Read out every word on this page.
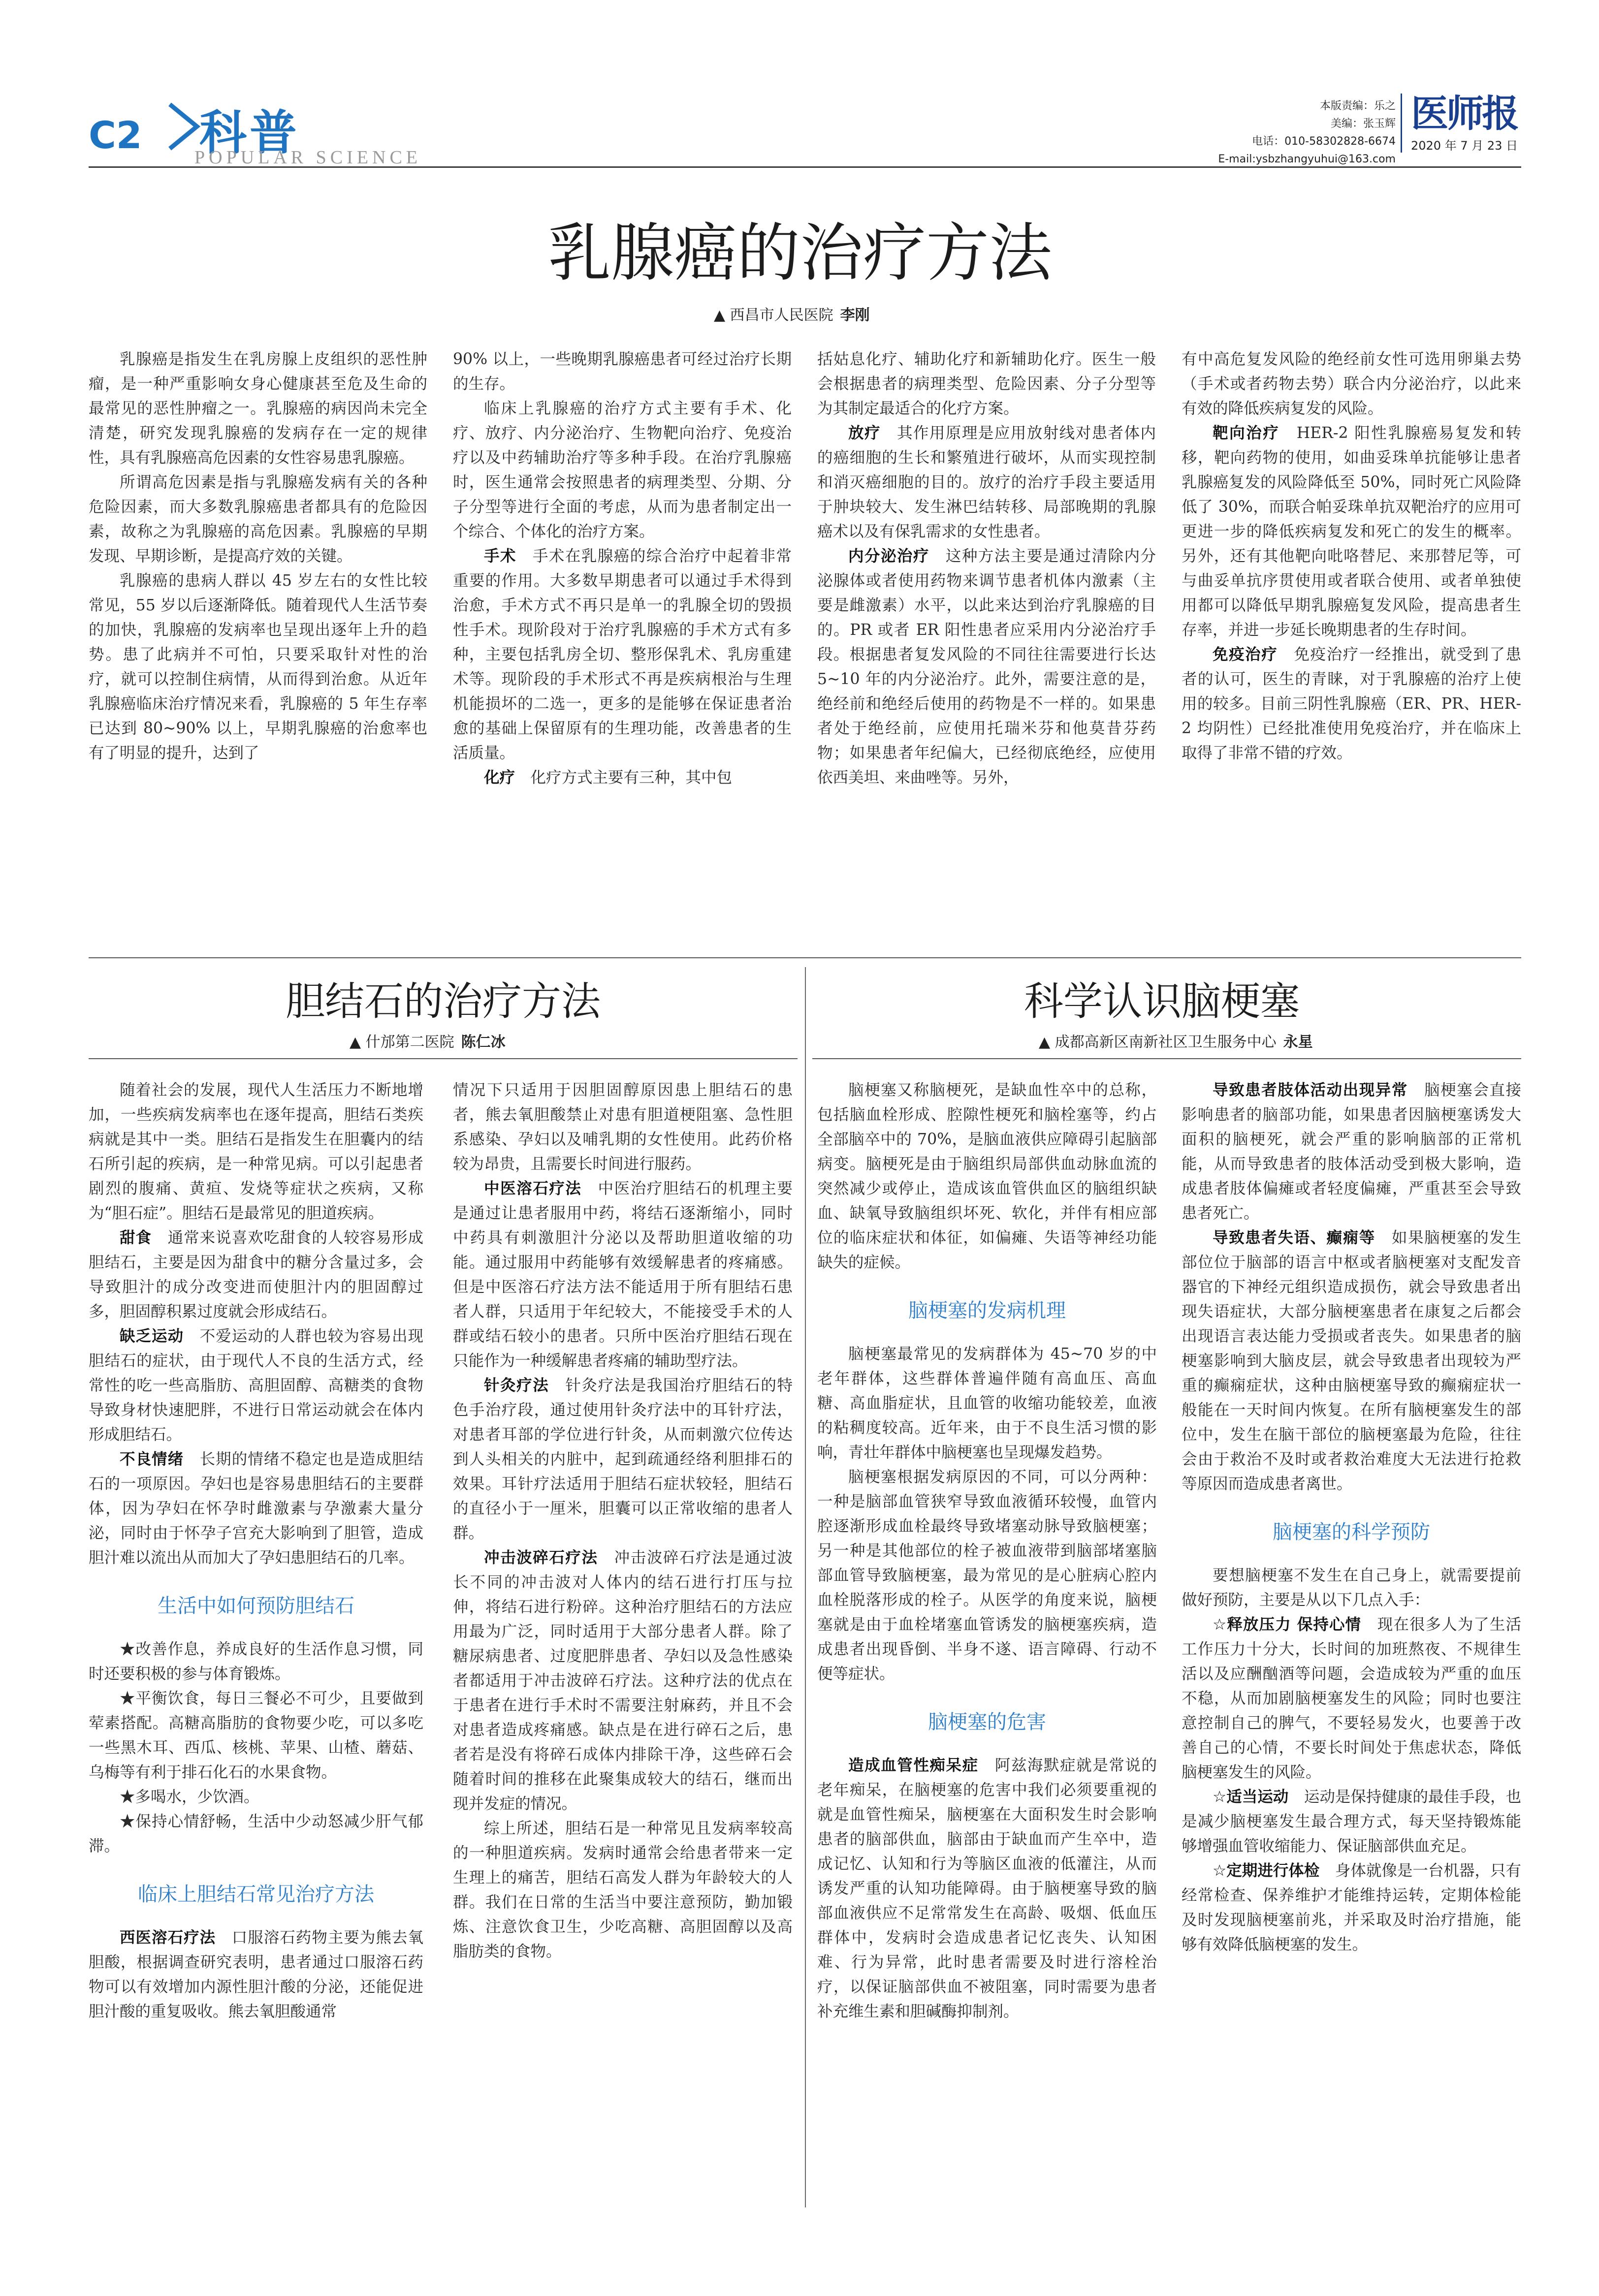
C2 科普
POPULAR SCIENCE
本版责编：乐之
美编：张玉辉
电话：010-58302828-6674
E-mail:ysbzhangyuhui@163.com
医师报
2020 年 7 月 23 日
乳腺癌的治疗方法
▲ 西昌市人民医院 李刚

乳腺癌是指发生在乳房腺上皮组织的恶性肿瘤，是一种严重影响女身心健康甚至危及生命的最常见的恶性肿瘤之一。乳腺癌的病因尚未完全清楚，研究发现乳腺癌的发病存在一定的规律性，具有乳腺癌高危因素的女性容易患乳腺癌。

所谓高危因素是指与乳腺癌发病有关的各种危险因素，而大多数乳腺癌患者都具有的危险因素，故称之为乳腺癌的高危因素。乳腺癌的早期发现、早期诊断，是提高疗效的关键。

乳腺癌的患病人群以 45 岁左右的女性比较常见，55 岁以后逐渐降低。随着现代人生活节奏的加快，乳腺癌的发病率也呈现出逐年上升的趋势。患了此病并不可怕，只要采取针对性的治疗，就可以控制住病情，从而得到治愈。从近年乳腺癌临床治疗情况来看，乳腺癌的 5 年生存率已达到 80~90% 以上，早期乳腺癌的治愈率也有了明显的提升，达到了

90% 以上，一些晚期乳腺癌患者可经过治疗长期的生存。

临床上乳腺癌的治疗方式主要有手术、化疗、放疗、内分泌治疗、生物靶向治疗、免疫治疗以及中药辅助治疗等多种手段。在治疗乳腺癌时，医生通常会按照患者的病理类型、分期、分子分型等进行全面的考虑，从而为患者制定出一个综合、个体化的治疗方案。

手术　 手术在乳腺癌的综合治疗中起着非常重要的作用。大多数早期患者可以通过手术得到治愈，手术方式不再只是单一的乳腺全切的毁损性手术。现阶段对于治疗乳腺癌的手术方式有多种，主要包括乳房全切、整形保乳术、乳房重建术等。现阶段的手术形式不再是疾病根治与生理机能损坏的二选一，更多的是能够在保证患者治愈的基础上保留原有的生理功能，改善患者的生活质量。

化疗　 化疗方式主要有三种，其中包

括姑息化疗、辅助化疗和新辅助化疗。医生一般会根据患者的病理类型、危险因素、分子分型等为其制定最适合的化疗方案。

放疗　 其作用原理是应用放射线对患者体内的癌细胞的生长和繁殖进行破坏，从而实现控制和消灭癌细胞的目的。放疗的治疗手段主要适用于肿块较大、发生淋巴结转移、局部晚期的乳腺癌术以及有保乳需求的女性患者。

内分泌治疗　 这种方法主要是通过清除内分泌腺体或者使用药物来调节患者机体内激素（主要是雌激素）水平，以此来达到治疗乳腺癌的目的。PR 或者 ER 阳性患者应采用内分泌治疗手段。根据患者复发风险的不同往往需要进行长达 5~10 年的内分泌治疗。此外，需要注意的是，绝经前和绝经后使用的药物是不一样的。如果患者处于绝经前，应使用托瑞米芬和他莫昔芬药物；如果患者年纪偏大，已经彻底绝经，应使用依西美坦、来曲唑等。另外，

有中高危复发风险的绝经前女性可选用卵巢去势（手术或者药物去势）联合内分泌治疗，以此来有效的降低疾病复发的风险。

靶向治疗　 HER-2 阳性乳腺癌易复发和转移，靶向药物的使用，如曲妥珠单抗能够让患者乳腺癌复发的风险降低至 50%，同时死亡风险降低了 30%，而联合帕妥珠单抗双靶治疗的应用可更进一步的降低疾病复发和死亡的发生的概率。另外，还有其他靶向吡咯替尼、来那替尼等，可与曲妥单抗序贯使用或者联合使用、或者单独使用都可以降低早期乳腺癌复发风险，提高患者生存率，并进一步延长晚期患者的生存时间。

免疫治疗　 免疫治疗一经推出，就受到了患者的认可，医生的青睐，对于乳腺癌的治疗上使用的较多。目前三阴性乳腺癌（ER、PR、HER-2 均阴性）已经批准使用免疫治疗，并在临床上取得了非常不错的疗效。

胆结石的治疗方法
▲ 什邡第二医院 陈仁冰

随着社会的发展，现代人生活压力不断地增加，一些疾病发病率也在逐年提高，胆结石类疾病就是其中一类。胆结石是指发生在胆囊内的结石所引起的疾病，是一种常见病。可以引起患者剧烈的腹痛、黄疸、发烧等症状之疾病，又称为“胆石症”。胆结石是最常见的胆道疾病。

甜食　 通常来说喜欢吃甜食的人较容易形成胆结石，主要是因为甜食中的糖分含量过多，会导致胆汁的成分改变进而使胆汁内的胆固醇过多，胆固醇积累过度就会形成结石。

缺乏运动　 不爱运动的人群也较为容易出现胆结石的症状，由于现代人不良的生活方式，经常性的吃一些高脂肪、高胆固醇、高糖类的食物导致身材快速肥胖，不进行日常运动就会在体内形成胆结石。

不良情绪　 长期的情绪不稳定也是造成胆结石的一项原因。孕妇也是容易患胆结石的主要群体，因为孕妇在怀孕时雌激素与孕激素大量分泌，同时由于怀孕子宫充大影响到了胆管，造成胆汁难以流出从而加大了孕妇患胆结石的几率。

生活中如何预防胆结石

★改善作息，养成良好的生活作息习惯，同时还要积极的参与体育锻炼。

★平衡饮食，每日三餐必不可少，且要做到荤素搭配。高糖高脂肪的食物要少吃，可以多吃一些黑木耳、西瓜、核桃、苹果、山楂、蘑菇、乌梅等有利于排石化石的水果食物。

★多喝水，少饮酒。

★保持心情舒畅，生活中少动怒减少肝气郁滞。

临床上胆结石常见治疗方法

西医溶石疗法　 口服溶石药物主要为熊去氧胆酸，根据调查研究表明，患者通过口服溶石药物可以有效增加内源性胆汁酸的分泌，还能促进胆汁酸的重复吸收。熊去氧胆酸通常

情况下只适用于因胆固醇原因患上胆结石的患者，熊去氧胆酸禁止对患有胆道梗阻塞、急性胆系感染、孕妇以及哺乳期的女性使用。此药价格较为昂贵，且需要长时间进行服药。

中医溶石疗法　 中医治疗胆结石的机理主要是通过让患者服用中药，将结石逐渐缩小，同时中药具有刺激胆汁分泌以及帮助胆道收缩的功能。通过服用中药能够有效缓解患者的疼痛感。但是中医溶石疗法方法不能适用于所有胆结石患者人群，只适用于年纪较大，不能接受手术的人群或结石较小的患者。只所中医治疗胆结石现在只能作为一种缓解患者疼痛的辅助型疗法。

针灸疗法　 针灸疗法是我国治疗胆结石的特色手治疗段，通过使用针灸疗法中的耳针疗法，对患者耳部的学位进行针灸，从而刺激穴位传达到人头相关的内脏中，起到疏通经络利胆排石的效果。耳针疗法适用于胆结石症状较轻，胆结石的直径小于一厘米，胆囊可以正常收缩的患者人群。

冲击波碎石疗法　 冲击波碎石疗法是通过波长不同的冲击波对人体内的结石进行打压与拉伸，将结石进行粉碎。这种治疗胆结石的方法应用最为广泛，同时适用于大部分患者人群。除了糖尿病患者、过度肥胖患者、孕妇以及急性感染者都适用于冲击波碎石疗法。这种疗法的优点在于患者在进行手术时不需要注射麻药，并且不会对患者造成疼痛感。缺点是在进行碎石之后，患者若是没有将碎石成体内排除干净，这些碎石会随着时间的推移在此聚集成较大的结石，继而出现并发症的情况。

综上所述，胆结石是一种常见且发病率较高的一种胆道疾病。发病时通常会给患者带来一定生理上的痛苦，胆结石高发人群为年龄较大的人群。我们在日常的生活当中要注意预防，勤加锻炼、注意饮食卫生，少吃高糖、高胆固醇以及高脂肪类的食物。

科学认识脑梗塞
▲ 成都高新区南新社区卫生服务中心 永星

脑梗塞又称脑梗死，是缺血性卒中的总称，包括脑血栓形成、腔隙性梗死和脑栓塞等，约占全部脑卒中的 70%，是脑血液供应障碍引起脑部病变。脑梗死是由于脑组织局部供血动脉血流的突然减少或停止，造成该血管供血区的脑组织缺血、缺氧导致脑组织坏死、软化，并伴有相应部位的临床症状和体征，如偏瘫、失语等神经功能缺失的症候。

脑梗塞的发病机理

脑梗塞最常见的发病群体为 45~70 岁的中老年群体，这些群体普遍伴随有高血压、高血糖、高血脂症状，且血管的收缩功能较差，血液的粘稠度较高。近年来，由于不良生活习惯的影响，青壮年群体中脑梗塞也呈现爆发趋势。

脑梗塞根据发病原因的不同，可以分两种：一种是脑部血管狭窄导致血液循环较慢，血管内腔逐渐形成血栓最终导致堵塞动脉导致脑梗塞；另一种是其他部位的栓子被血液带到脑部堵塞脑部血管导致脑梗塞，最为常见的是心脏病心腔内血栓脱落形成的栓子。从医学的角度来说，脑梗塞就是由于血栓堵塞血管诱发的脑梗塞疾病，造成患者出现昏倒、半身不遂、语言障碍、行动不便等症状。

脑梗塞的危害

造成血管性痴呆症　 阿兹海默症就是常说的老年痴呆，在脑梗塞的危害中我们必须要重视的就是血管性痴呆，脑梗塞在大面积发生时会影响患者的脑部供血，脑部由于缺血而产生卒中，造成记忆、认知和行为等脑区血液的低灌注，从而诱发严重的认知功能障碍。由于脑梗塞导致的脑部血液供应不足常常发生在高龄、吸烟、低血压群体中，发病时会造成患者记忆丧失、认知困难、行为异常，此时患者需要及时进行溶栓治疗，以保证脑部供血不被阻塞，同时需要为患者补充维生素和胆碱酶抑制剂。

导致患者肢体活动出现异常　 脑梗塞会直接影响患者的脑部功能，如果患者因脑梗塞诱发大面积的脑梗死，就会严重的影响脑部的正常机能，从而导致患者的肢体活动受到极大影响，造成患者肢体偏瘫或者轻度偏瘫，严重甚至会导致患者死亡。

导致患者失语、癫痫等　 如果脑梗塞的发生部位位于脑部的语言中枢或者脑梗塞对支配发音器官的下神经元组织造成损伤，就会导致患者出现失语症状，大部分脑梗塞患者在康复之后都会出现语言表达能力受损或者丧失。如果患者的脑梗塞影响到大脑皮层，就会导致患者出现较为严重的癫痫症状，这种由脑梗塞导致的癫痫症状一般能在一天时间内恢复。在所有脑梗塞发生的部位中，发生在脑干部位的脑梗塞最为危险，往往会由于救治不及时或者救治难度大无法进行抢救等原因而造成患者离世。

脑梗塞的科学预防

要想脑梗塞不发生在自己身上，就需要提前做好预防，主要是从以下几点入手：

☆释放压力 保持心情　 现在很多人为了生活工作压力十分大，长时间的加班熬夜、不规律生活以及应酬酗酒等问题，会造成较为严重的血压不稳，从而加剧脑梗塞发生的风险；同时也要注意控制自己的脾气，不要轻易发火，也要善于改善自己的心情，不要长时间处于焦虑状态，降低脑梗塞发生的风险。

☆适当运动　 运动是保持健康的最佳手段，也是减少脑梗塞发生最合理方式，每天坚持锻炼能够增强血管收缩能力、保证脑部供血充足。

☆定期进行体检　 身体就像是一台机器，只有经常检查、保养维护才能维持运转，定期体检能及时发现脑梗塞前兆，并采取及时治疗措施，能够有效降低脑梗塞的发生。
